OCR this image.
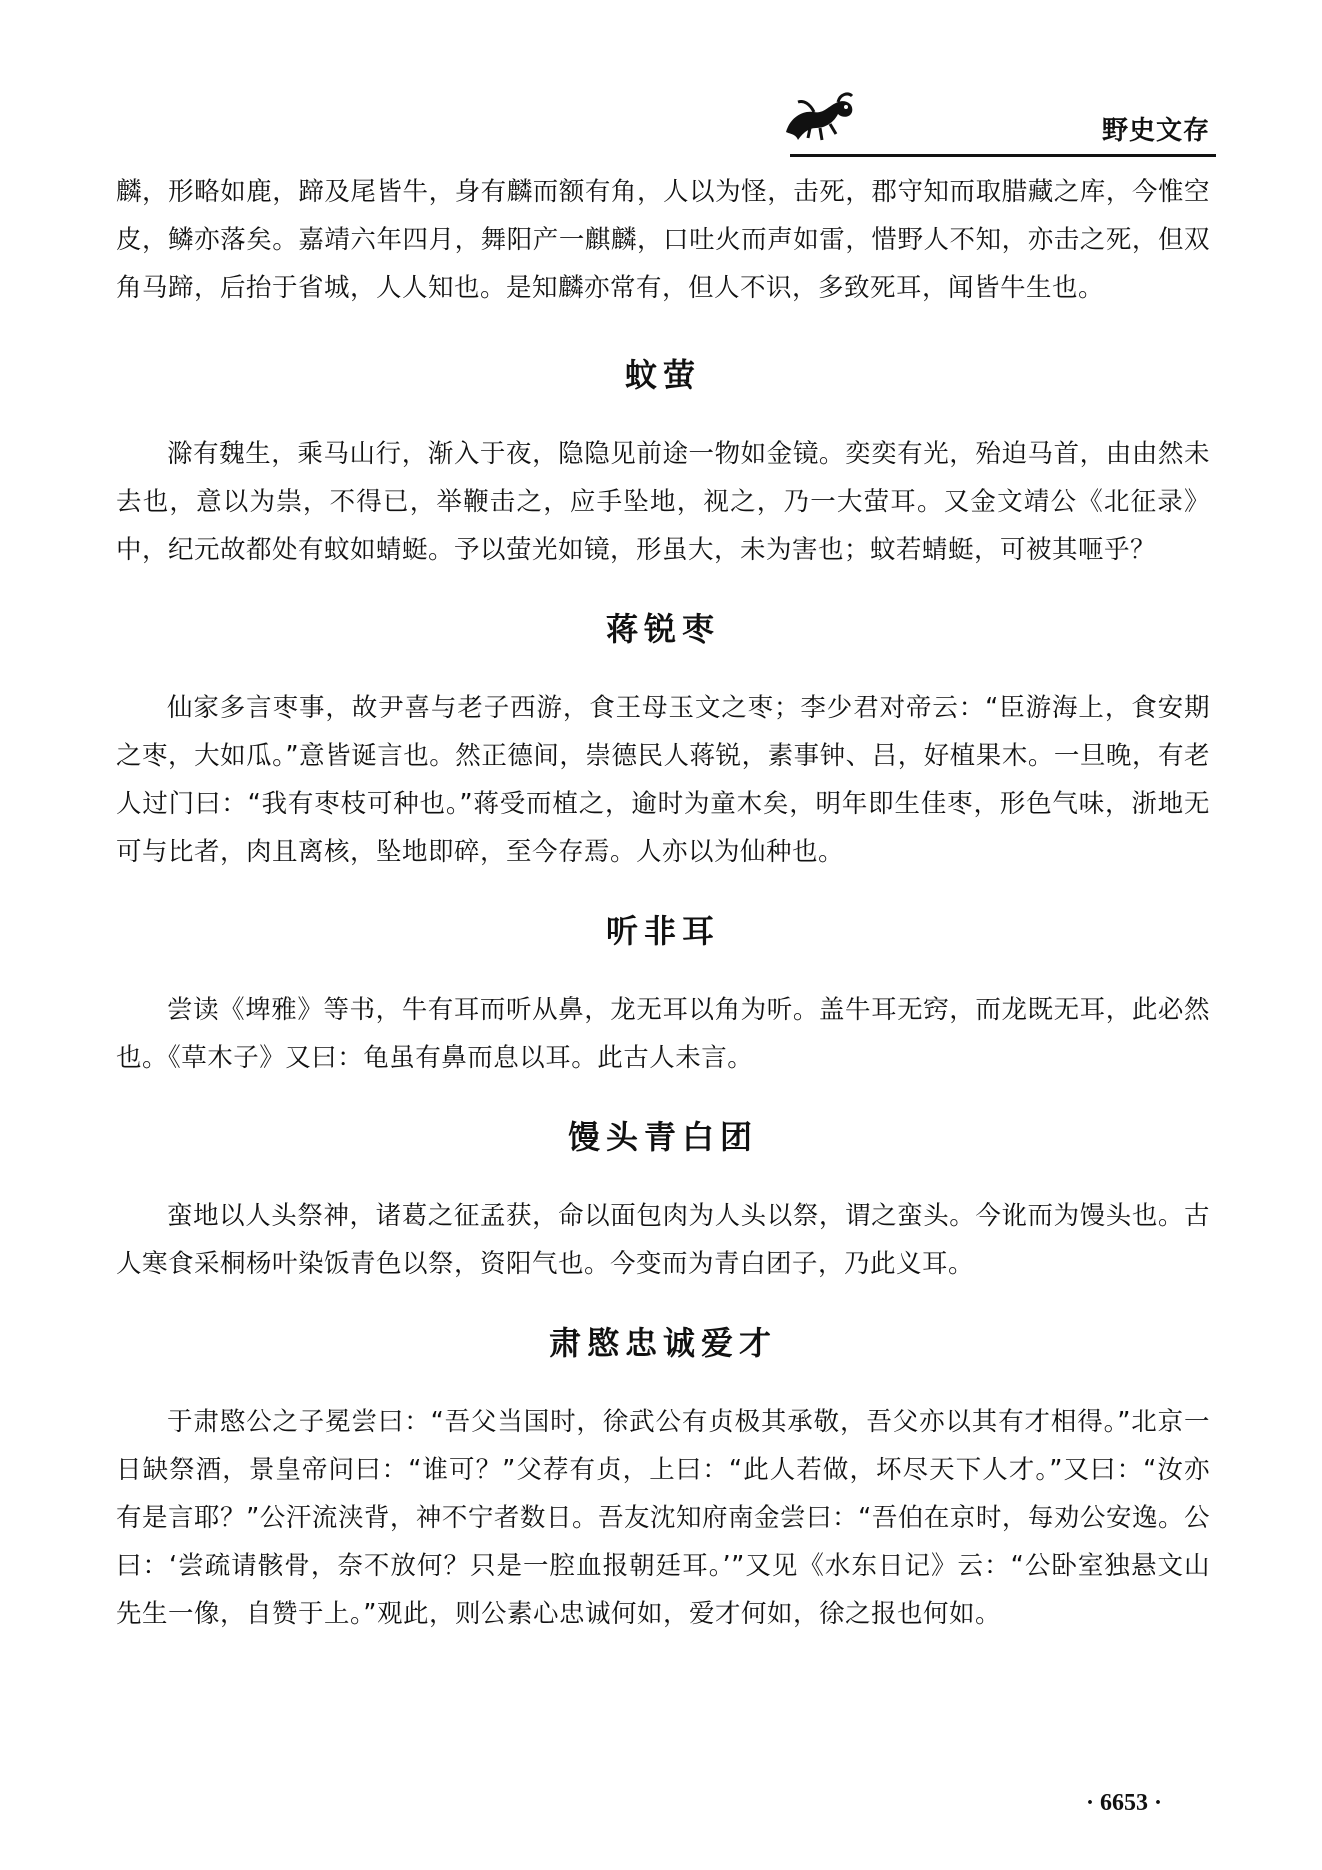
野史文存

麟，形略如鹿，蹄及尾皆牛，身有麟而额有角，人以为怪，击死，郡守知而取腊藏之库，今惟空皮，鳞亦落矣。嘉靖六年四月，舞阳产一麒麟，口吐火而声如雷，惜野人不知，亦击之死，但双角马蹄，后抬于省城，人人知也。是知麟亦常有，但人不识，多致死耳，闻皆牛生也。

蚊萤

滁有魏生，乘马山行，渐入于夜，隐隐见前途一物如金镜。奕奕有光，殆迫马首，由由然未去也，意以为祟，不得已，举鞭击之，应手坠地，视之，乃一大萤耳。又金文靖公《北征录》中，纪元故都处有蚊如蜻蜓。予以萤光如镜，形虽大，未为害也；蚊若蜻蜓，可被其咂乎？

蒋锐枣

仙家多言枣事，故尹喜与老子西游，食王母玉文之枣；李少君对帝云：“臣游海上，食安期之枣，大如瓜。”意皆诞言也。然正德间，崇德民人蒋锐，素事钟、吕，好植果木。一旦晚，有老人过门曰：“我有枣枝可种也。”蒋受而植之，逾时为童木矣，明年即生佳枣，形色气味，浙地无可与比者，肉且离核，坠地即碎，至今存焉。人亦以为仙种也。

听非耳

尝读《埤雅》等书，牛有耳而听从鼻，龙无耳以角为听。盖牛耳无窍，而龙既无耳，此必然也。《草木子》又曰：龟虽有鼻而息以耳。此古人未言。

馒头青白团

蛮地以人头祭神，诸葛之征孟获，命以面包肉为人头以祭，谓之蛮头。今讹而为馒头也。古人寒食采桐杨叶染饭青色以祭，资阳气也。今变而为青白团子，乃此义耳。

肃愍忠诚爱才

于肃愍公之子冕尝曰：“吾父当国时，徐武公有贞极其承敬，吾父亦以其有才相得。”北京一日缺祭酒，景皇帝问曰：“谁可？”父荐有贞，上曰：“此人若做，坏尽天下人才。”又曰：“汝亦有是言耶？”公汗流浃背，神不宁者数日。吾友沈知府南金尝曰：“吾伯在京时，每劝公安逸。公曰：‘尝疏请骸骨，奈不放何？只是一腔血报朝廷耳。’”又见《水东日记》云：“公卧室独悬文山先生一像，自赞于上。”观此，则公素心忠诚何如，爱才何如，徐之报也何如。

· 6653 ·
